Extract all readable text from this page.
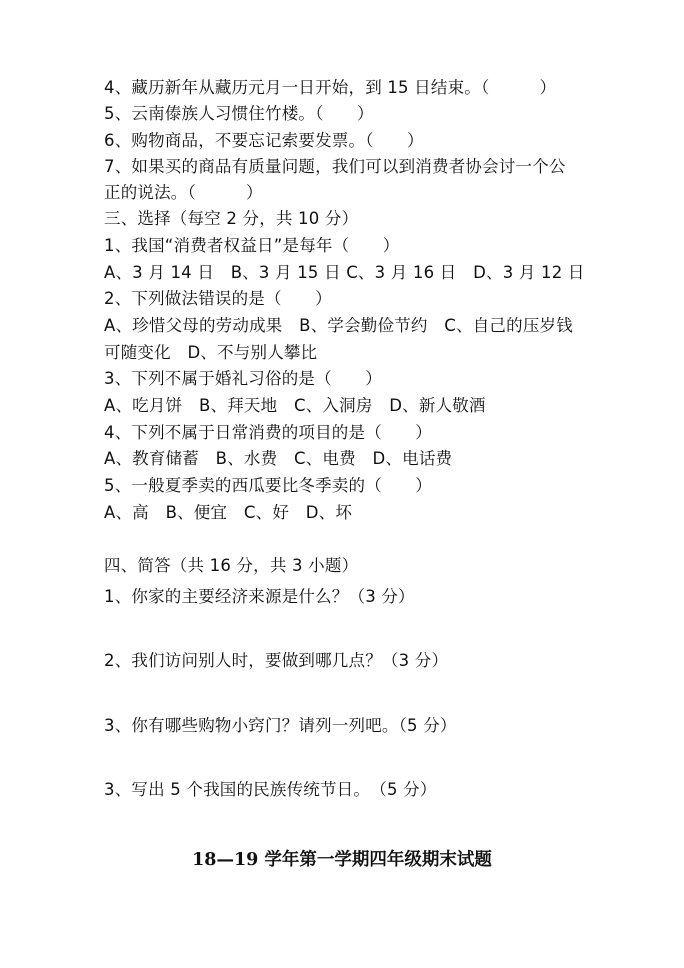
4、藏历新年从藏历元月一日开始，到 15 日结束。（　　　）
5、云南傣族人习惯住竹楼。（　　）
6、购物商品，不要忘记索要发票。（　　）
7、如果买的商品有质量问题，我们可以到消费者协会讨一个公
正的说法。（　　　）
三、选择（每空 2 分，共 10 分）
1、我国“消费者权益日”是每年（　　）
A、3 月 14 日　B、3 月 15 日 C、3 月 16 日　D、3 月 12 日
2、下列做法错误的是（　　）
A、珍惜父母的劳动成果　B、学会勤俭节约　C、自己的压岁钱
可随变化　D、不与别人攀比
3、下列不属于婚礼习俗的是（　　）
A、吃月饼　B、拜天地　C、入洞房　D、新人敬酒
4、下列不属于日常消费的项目的是（　　）
A、教育储蓄　B、水费　C、电费　D、电话费
5、一般夏季卖的西瓜要比冬季卖的（　　）
A、高　B、便宜　C、好　D、坏
四、简答（共 16 分，共 3 小题）
1、你家的主要经济来源是什么？（3 分）
2、我们访问别人时，要做到哪几点？（3 分）
3、你有哪些购物小窍门？请列一列吧。（5 分）
3、写出 5 个我国的民族传统节日。　（5 分）
18—19 学年第一学期四年级期末试题
